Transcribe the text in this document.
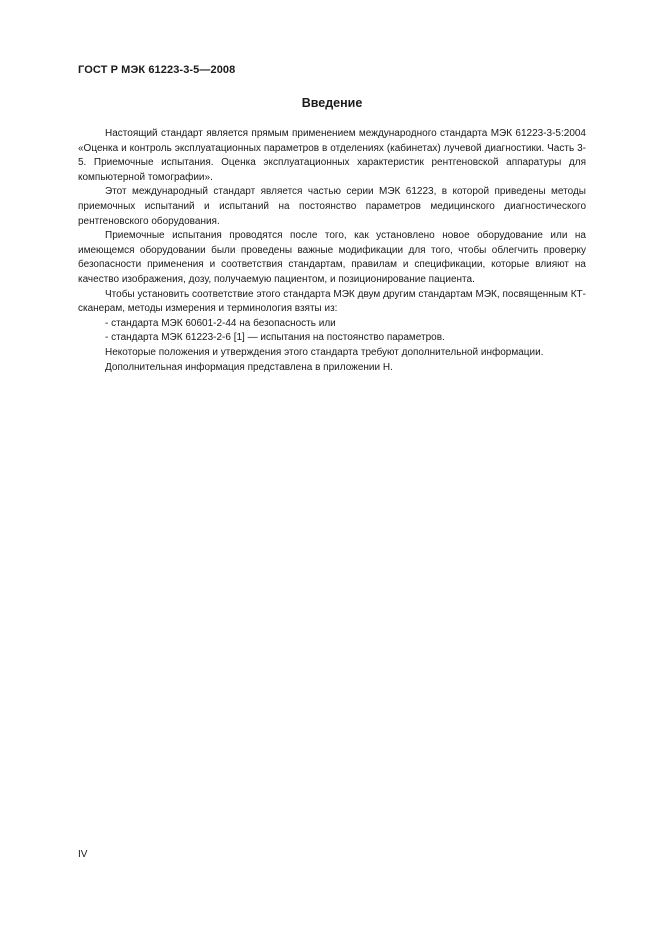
ГОСТ Р МЭК 61223-3-5—2008
Введение

Настоящий стандарт является прямым применением международного стандарта МЭК 61223-3-5:2004 «Оценка и контроль эксплуатационных параметров в отделениях (кабинетах) лучевой диагностики. Часть 3-5. Приемочные испытания. Оценка эксплуатационных характеристик рентгеновской аппаратуры для компьютерной томографии».

Этот международный стандарт является частью серии МЭК 61223, в которой приведены методы приемочных испытаний и испытаний на постоянство параметров медицинского диагностического рентгеновского оборудования.

Приемочные испытания проводятся после того, как установлено новое оборудование или на имеющемся оборудовании были проведены важные модификации для того, чтобы облегчить проверку безопасности применения и соответствия стандартам, правилам и спецификации, которые влияют на качество изображения, дозу, получаемую пациентом, и позиционирование пациента.

Чтобы установить соответствие этого стандарта МЭК двум другим стандартам МЭК, посвященным КТ-сканерам, методы измерения и терминология взяты из:

- стандарта МЭК 60601-2-44 на безопасность или

- стандарта МЭК 61223-2-6 [1] — испытания на постоянство параметров.

Некоторые положения и утверждения этого стандарта требуют дополнительной информации.

Дополнительная информация представлена в приложении Н.

IV
